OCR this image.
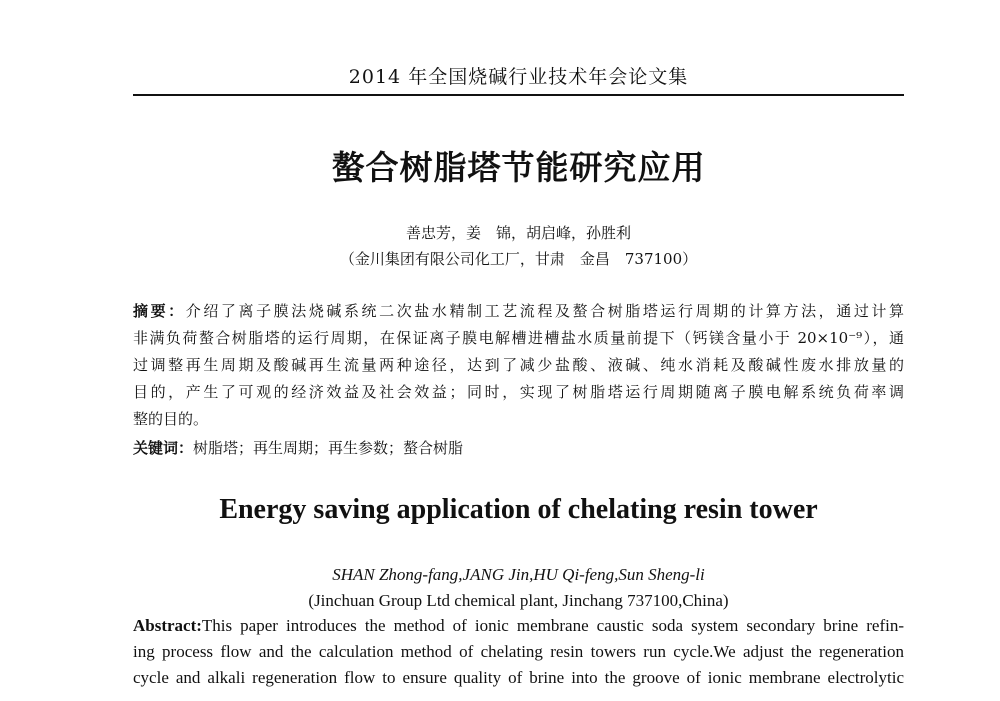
2014 年全国烧碱行业技术年会论文集
螯合树脂塔节能研究应用
善忠芳，姜　锦，胡启峰，孙胜利
（金川集团有限公司化工厂，甘肃　金昌　737100）
摘要：介绍了离子膜法烧碱系统二次盐水精制工艺流程及螯合树脂塔运行周期的计算方法，通过计算
非满负荷螯合树脂塔的运行周期，在保证离子膜电解槽进槽盐水质量前提下（钙镁含量小于 20×10⁻⁹），通
过调整再生周期及酸碱再生流量两种途径，达到了减少盐酸、液碱、纯水消耗及酸碱性废水排放量的
目的，产生了可观的经济效益及社会效益；同时，实现了树脂塔运行周期随离子膜电解系统负荷率调
整的目的。
关键词：树脂塔；再生周期；再生参数；螯合树脂
Energy saving application of chelating resin tower
SHAN Zhong-fang,JANG Jin,HU Qi-feng,Sun Sheng-li
(Jinchuan Group Ltd chemical plant, Jinchang 737100,China)
Abstract:This paper introduces the method of ionic membrane caustic soda system secondary brine refin-
ing process flow and the calculation method of chelating resin towers run cycle.We adjust the regeneration
cycle and alkali regeneration flow to ensure quality of brine into the groove of ionic membrane electrolytic
